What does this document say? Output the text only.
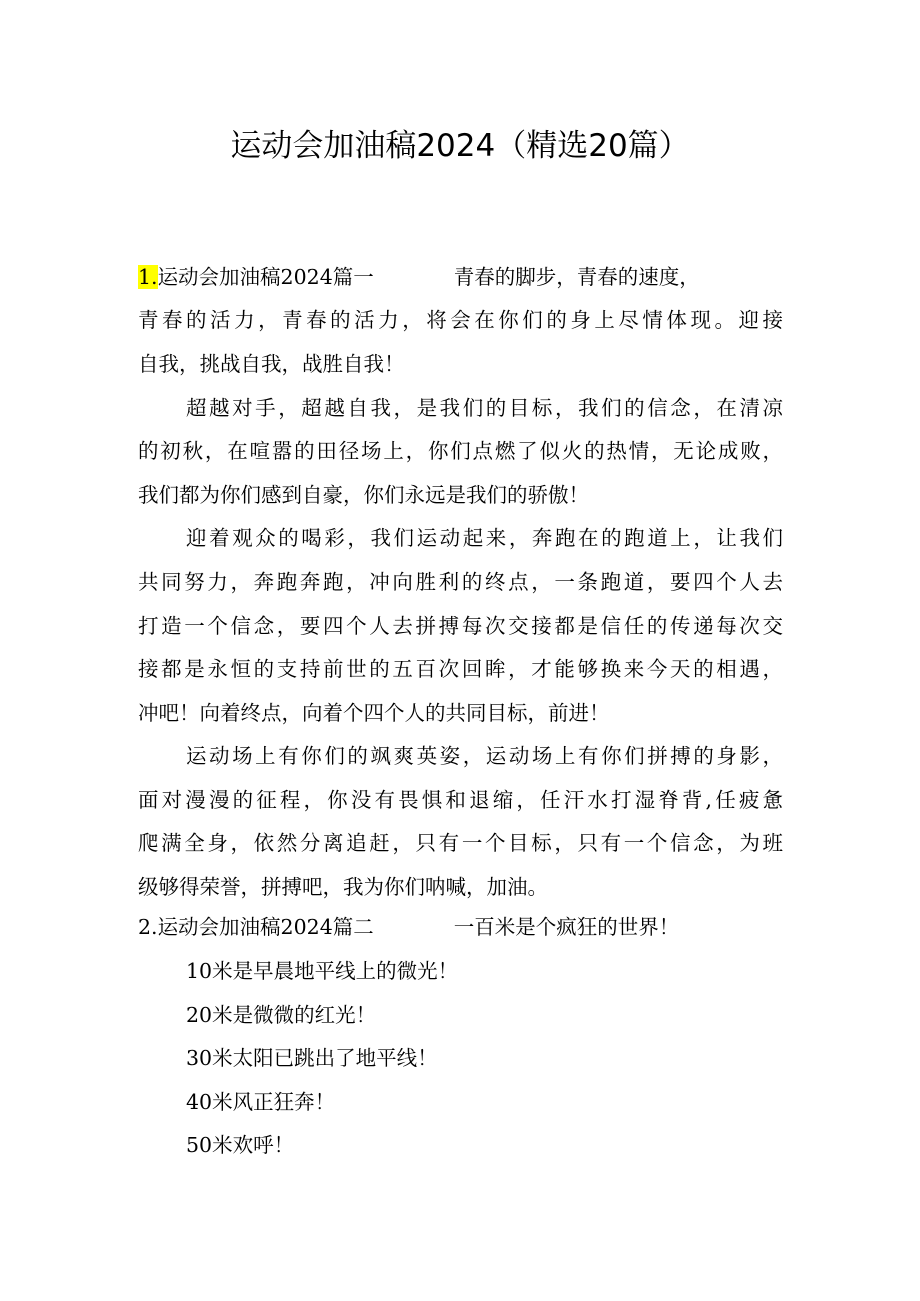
运动会加油稿2024（精选20篇）
1.运动会加油稿2024篇一	青春的脚步，青春的速度，
青春的活力，青春的活力，将会在你们的身上尽情体现。迎接
自我，挑战自我，战胜自我！
超越对手，超越自我，是我们的目标，我们的信念，在清凉
的初秋，在喧嚣的田径场上，你们点燃了似火的热情，无论成败，
我们都为你们感到自豪，你们永远是我们的骄傲！
迎着观众的喝彩，我们运动起来，奔跑在的跑道上，让我们
共同努力，奔跑奔跑，冲向胜利的终点，一条跑道，要四个人去
打造一个信念，要四个人去拼搏每次交接都是信任的传递每次交
接都是永恒的支持前世的五百次回眸，才能够换来今天的相遇，
冲吧！向着终点，向着个四个人的共同目标，前进！
运动场上有你们的飒爽英姿，运动场上有你们拼搏的身影，
面对漫漫的征程，你没有畏惧和退缩，任汗水打湿脊背,任疲惫
爬满全身，依然分离追赶，只有一个目标，只有一个信念，为班
级够得荣誉，拼搏吧，我为你们呐喊，加油。
2.运动会加油稿2024篇二	一百米是个疯狂的世界！
10米是早晨地平线上的微光！
20米是微微的红光！
30米太阳已跳出了地平线！
40米风正狂奔！
50米欢呼！
